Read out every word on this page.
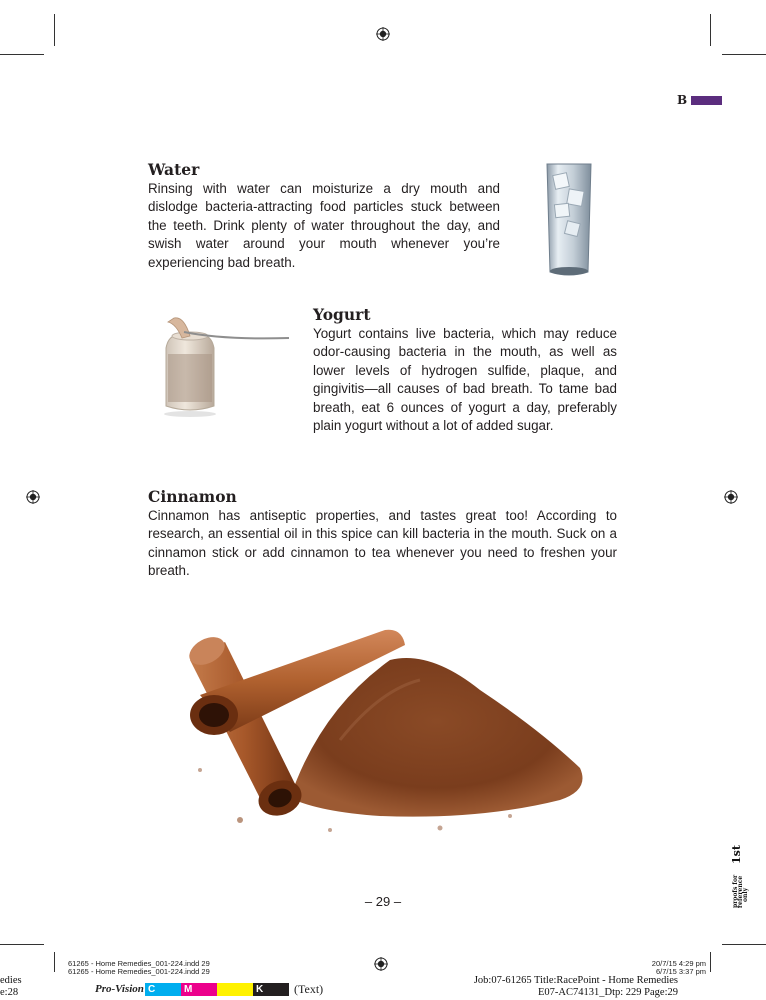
B
Water
Rinsing with water can moisturize a dry mouth and dislodge bacteria-attracting food particles stuck between the teeth. Drink plenty of water throughout the day, and swish water around your mouth whenever you’re experiencing bad breath.
Yogurt
Yogurt contains live bacteria, which may reduce odor-causing bacteria in the mouth, as well as lower levels of hydrogen sulfide, plaque, and gingivitis—all causes of bad breath. To tame bad breath, eat 6 ounces of yogurt a day, preferably plain yogurt without a lot of added sugar.
Cinnamon
Cinnamon has antiseptic properties, and tastes great too! According to research, an essential oil in this spice can kill bacteria in the mouth. Suck on a cinnamon stick or add cinnamon to tea whenever you need to freshen your breath.
– 29 –
1st
proofs for
reference
only
61265 - Home Remedies_001-224.indd 29
61265 - Home Remedies_001-224.indd 29
20/7/15 4:29 pm
6/7/15 3:37 pm
Job:07-61265 Title:RacePoint - Home Remedies
E07-AC74131_Dtp: 229 Page:29
edies
e:28	Pro-Vision C	M	Y	K	(Text)
